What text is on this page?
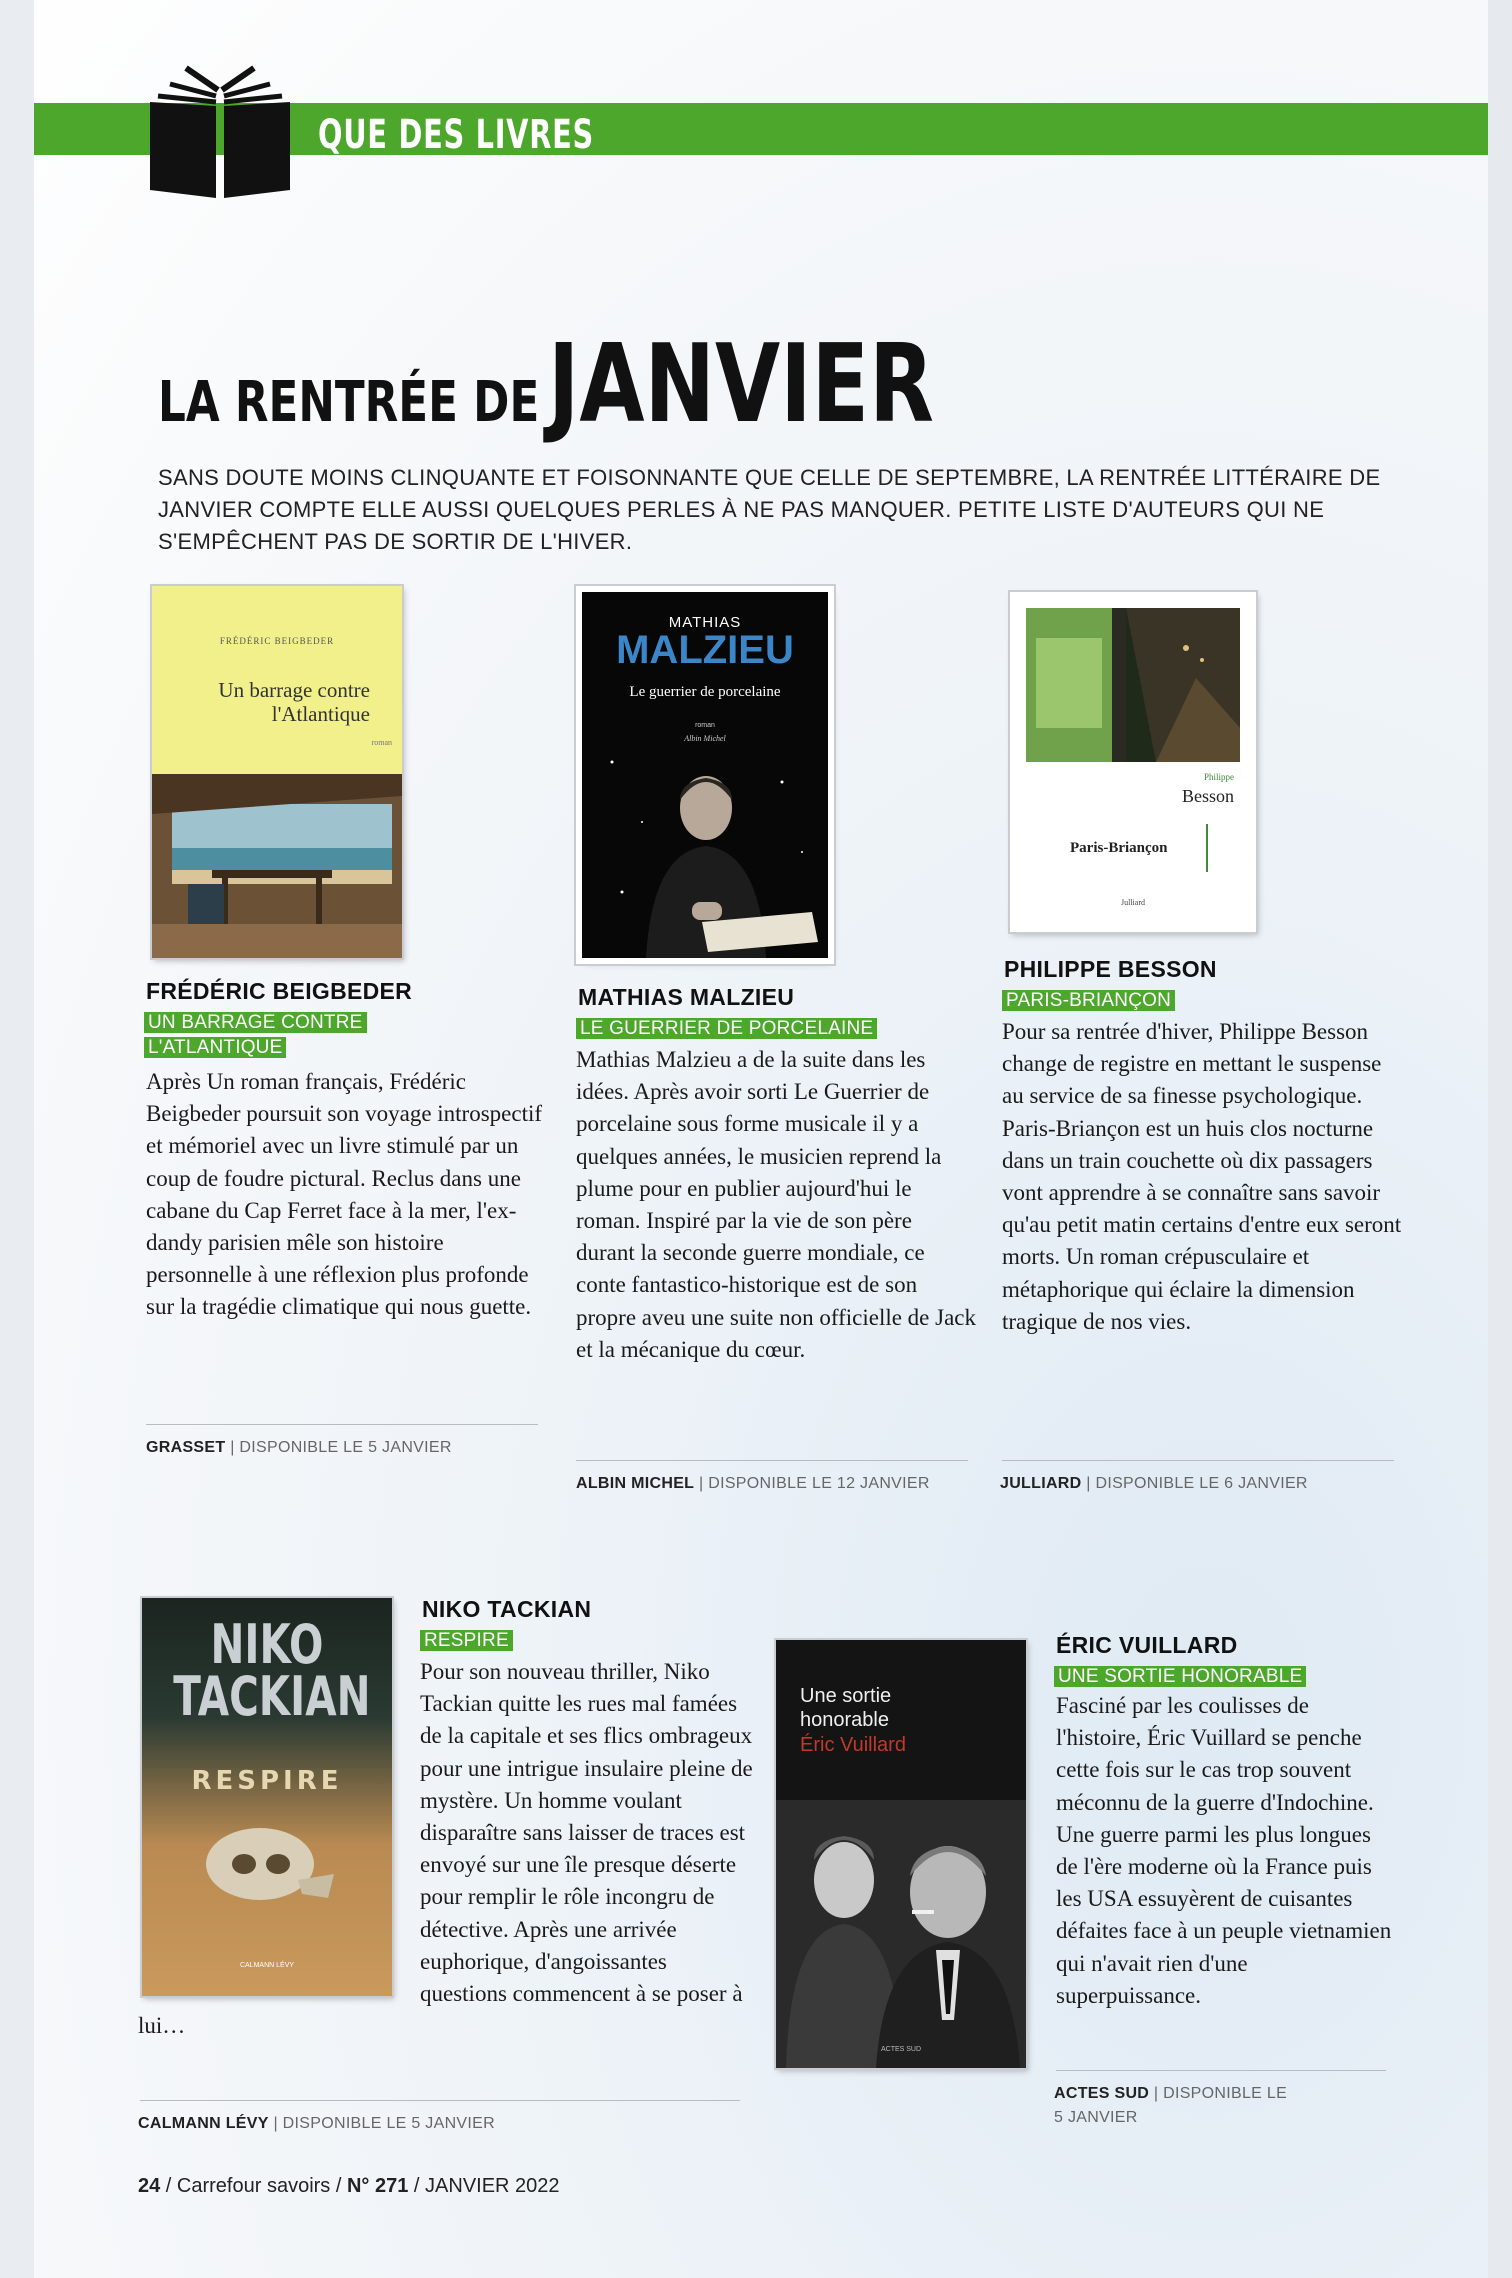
QUE DES LIVRES
LA RENTRÉE DE JANVIER

SANS DOUTE MOINS CLINQUANTE ET FOISONNANTE QUE CELLE DE SEPTEMBRE, LA RENTRÉE LITTÉRAIRE DE JANVIER COMPTE ELLE AUSSI QUELQUES PERLES À NE PAS MANQUER. PETITE LISTE D'AUTEURS QUI NE S'EMPÊCHENT PAS DE SORTIR DE L'HIVER.

FRÉDÉRIC BEIGBEDER
Un barrage contre l'Atlantique
roman

FRÉDÉRIC BEIGBEDER

UN BARRAGE CONTRE L'ATLANTIQUE

Après Un roman français, Frédéric Beigbeder poursuit son voyage introspectif et mémoriel avec un livre stimulé par un coup de foudre pictural. Reclus dans une cabane du Cap Ferret face à la mer, l'ex-dandy parisien mêle son histoire personnelle à une réflexion plus profonde sur la tragédie climatique qui nous guette.

GRASSET | DISPONIBLE LE 5 JANVIER

MATHIAS
MALZIEU
Le guerrier de porcelaine
roman
Albin Michel

MATHIAS MALZIEU

LE GUERRIER DE PORCELAINE

Mathias Malzieu a de la suite dans les idées. Après avoir sorti Le Guerrier de porcelaine sous forme musicale il y a quelques années, le musicien reprend la plume pour en publier aujourd'hui le roman. Inspiré par la vie de son père durant la seconde guerre mondiale, ce conte fantastico-historique est de son propre aveu une suite non officielle de Jack et la mécanique du cœur.

ALBIN MICHEL | DISPONIBLE LE 12 JANVIER

Philippe
Besson
Paris-Briançon
Julliard

PHILIPPE BESSON

PARIS-BRIANÇON

Pour sa rentrée d'hiver, Philippe Besson change de registre en mettant le suspense au service de sa finesse psychologique. Paris-Briançon est un huis clos nocturne dans un train couchette où dix passagers vont apprendre à se connaître sans savoir qu'au petit matin certains d'entre eux seront morts. Un roman crépusculaire et métaphorique qui éclaire la dimension tragique de nos vies.

JULLIARD | DISPONIBLE LE 6 JANVIER

NIKO
TACKIAN
RESPIRE
CALMANN LÉVY

NIKO TACKIAN

RESPIRE

Pour son nouveau thriller, Niko Tackian quitte les rues mal famées de la capitale et ses flics ombrageux pour une intrigue insulaire pleine de mystère. Un homme voulant disparaître sans laisser de traces est envoyé sur une île presque déserte pour remplir le rôle incongru de détective. Après une arrivée euphorique, d'angoissantes questions commencent à se poser à lui…

CALMANN LÉVY | DISPONIBLE LE 5 JANVIER

Une sortie honorable
Éric Vuillard
ACTES SUD

ÉRIC VUILLARD

UNE SORTIE HONORABLE

Fasciné par les coulisses de l'histoire, Éric Vuillard se penche cette fois sur le cas trop souvent méconnu de la guerre d'Indochine. Une guerre parmi les plus longues de l'ère moderne où la France puis les USA essuyèrent de cuisantes défaites face à un peuple vietnamien qui n'avait rien d'une superpuissance.

ACTES SUD | DISPONIBLE LE 5 JANVIER

24 / Carrefour savoirs / N° 271 / JANVIER 2022
